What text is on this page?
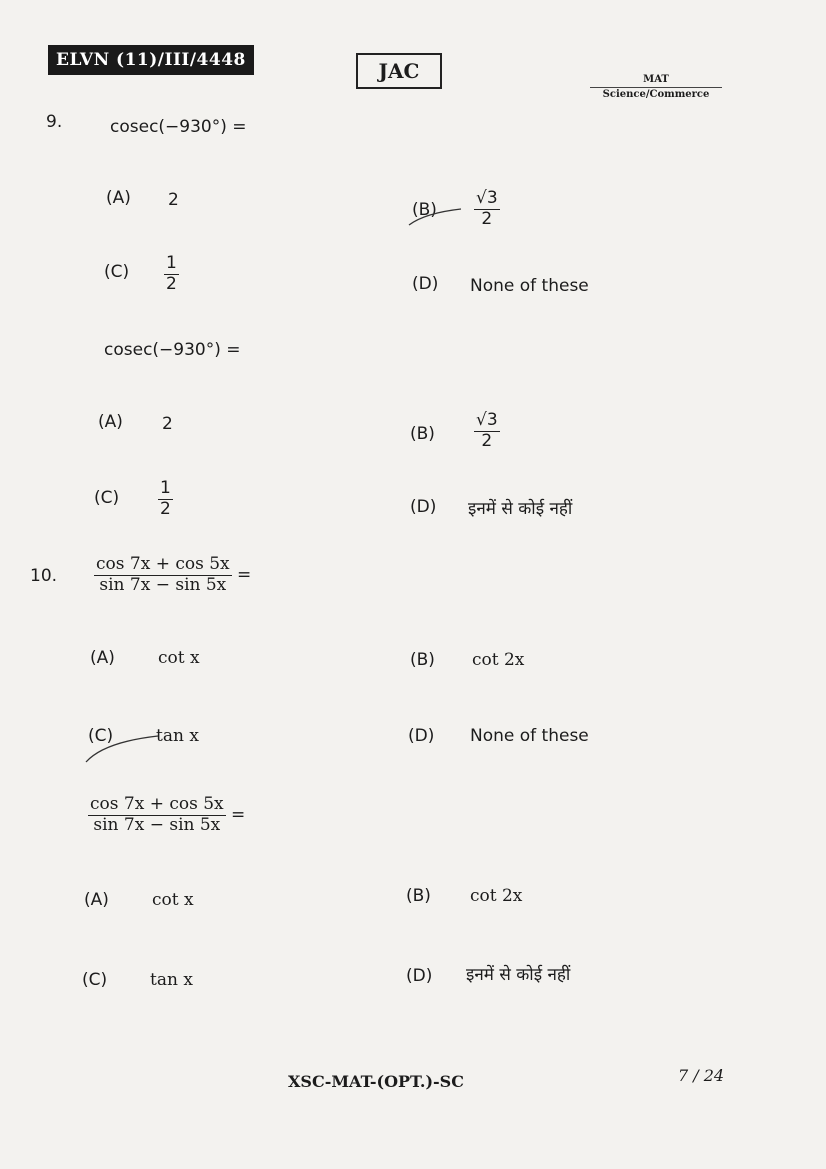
ELVN (11)/III/4448	JAC	MAT
Science/Commerce
9.	cosec(−930°) =
(A) 2	$(B) \frac{√3}{2}$
$(C) \frac{1}{2}$	(D) None of these
cosec(−930°) =
(A) 2	$(B) \frac{√3}{2}$
$(C) \frac{1}{2}$	(D) इनमें से कोई नहीं
10. $\frac{\cos 7x + \cos 5x}{\sin 7x - \sin 5x}$ =
(A)	cot x	(B) cot 2x
(C)	tan x	(D) None of these
$\frac{\cos 7x + \cos 5x}{\sin 7x - \sin 5x}$ =
(A)	cot x	(B) cot 2x
(C)	tan x	(D) इनमें से कोई नहीं
XSC-MAT-(OPT.)-SC	7 / 24
